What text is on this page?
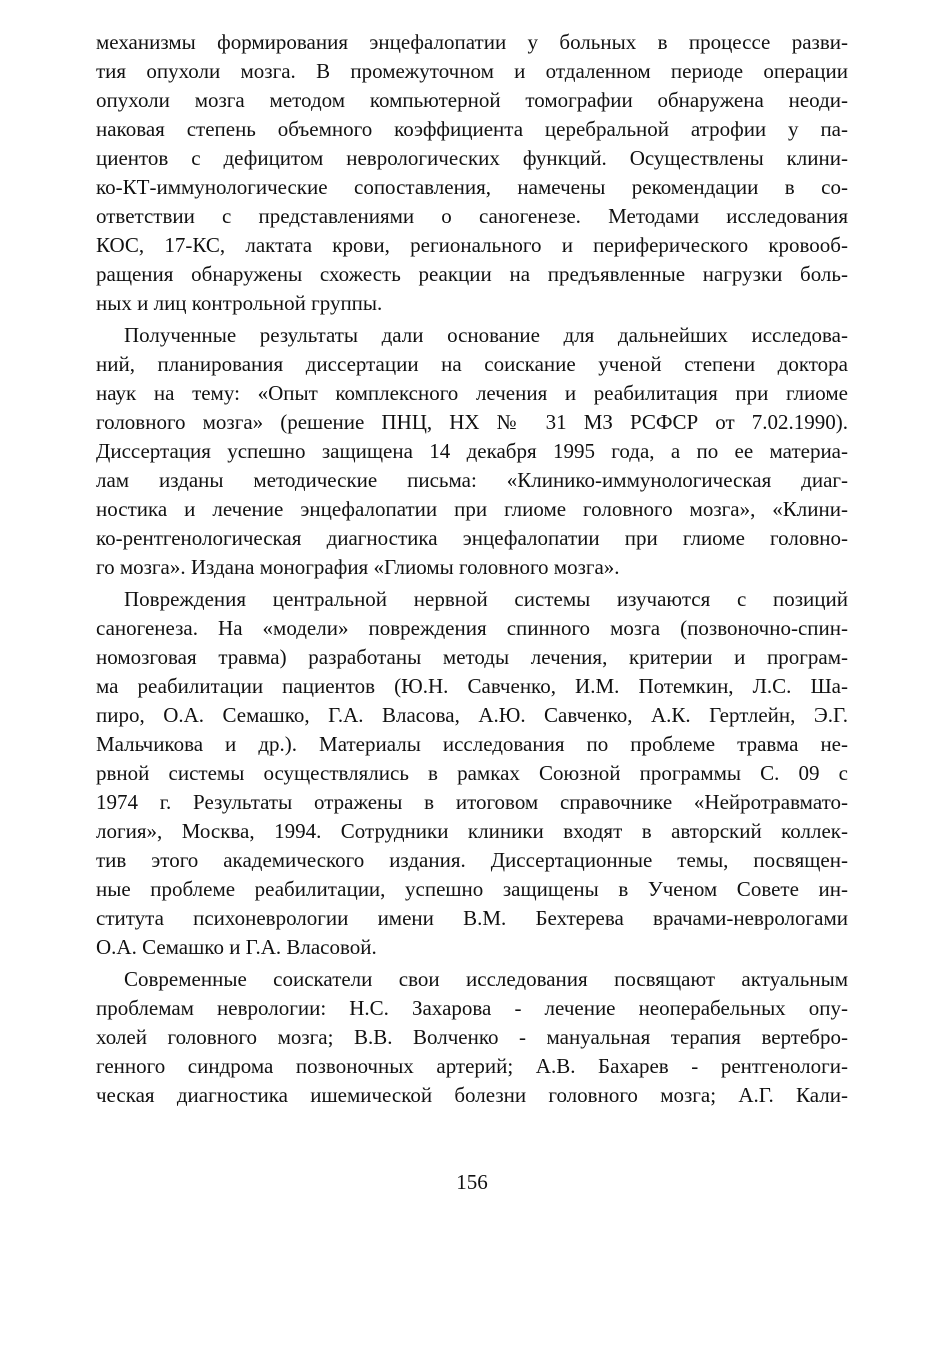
механизмы формирования энцефалопатии у больных в процессе разви-
тия опухоли мозга. В промежуточном и отдаленном периоде операции
опухоли мозга методом компьютерной томографии обнаружена неоди-
наковая степень объемного коэффициента церебральной атрофии у па-
циентов с дефицитом неврологических функций. Осуществлены клини-
ко-КТ-иммунологические сопоставления, намечены рекомендации в со-
ответствии с представлениями о саногенезе. Методами исследования
КОС, 17-КС, лактата крови, регионального и периферического кровооб-
ращения обнаружены схожесть реакции на предъявленные нагрузки боль-
ных и лиц контрольной группы.
Полученные результаты дали основание для дальнейших исследова-
ний, планирования диссертации на соискание ученой степени доктора
наук на тему: «Опыт комплексного лечения и реабилитация при глиоме
головного мозга» (решение ПНЦ, НХ № 31 МЗ РСФСР от 7.02.1990).
Диссертация успешно защищена 14 декабря 1995 года, а по ее материа-
лам изданы методические письма: «Клинико-иммунологическая диаг-
ностика и лечение энцефалопатии при глиоме головного мозга», «Клини-
ко-рентгенологическая диагностика энцефалопатии при глиоме головно-
го мозга». Издана монография «Глиомы головного мозга».
Повреждения центральной нервной системы изучаются с позиций
саногенеза. На «модели» повреждения спинного мозга (позвоночно-спин-
номозговая травма) разработаны методы лечения, критерии и програм-
ма реабилитации пациентов (Ю.Н. Савченко, И.М. Потемкин, Л.С. Ша-
пиро, О.А. Семашко, Г.А. Власова, А.Ю. Савченко, А.К. Гертлейн, Э.Г.
Мальчикова и др.). Материалы исследования по проблеме травма не-
рвной системы осуществлялись в рамках Союзной программы С. 09 с
1974 г. Результаты отражены в итоговом справочнике «Нейротравмато-
логия», Москва, 1994. Сотрудники клиники входят в авторский коллек-
тив этого академического издания. Диссертационные темы, посвящен-
ные проблеме реабилитации, успешно защищены в Ученом Совете ин-
ститута психоневрологии имени В.М. Бехтерева врачами-неврологами
О.А. Семашко и Г.А. Власовой.
Современные соискатели свои исследования посвящают актуальным
проблемам неврологии: Н.С. Захарова - лечение неоперабельных опу-
холей головного мозга; В.В. Волченко - мануальная терапия вертебро-
генного синдрома позвоночных артерий; А.В. Бахарев - рентгенологи-
ческая диагностика ишемической болезни головного мозга; А.Г. Кали-
156
